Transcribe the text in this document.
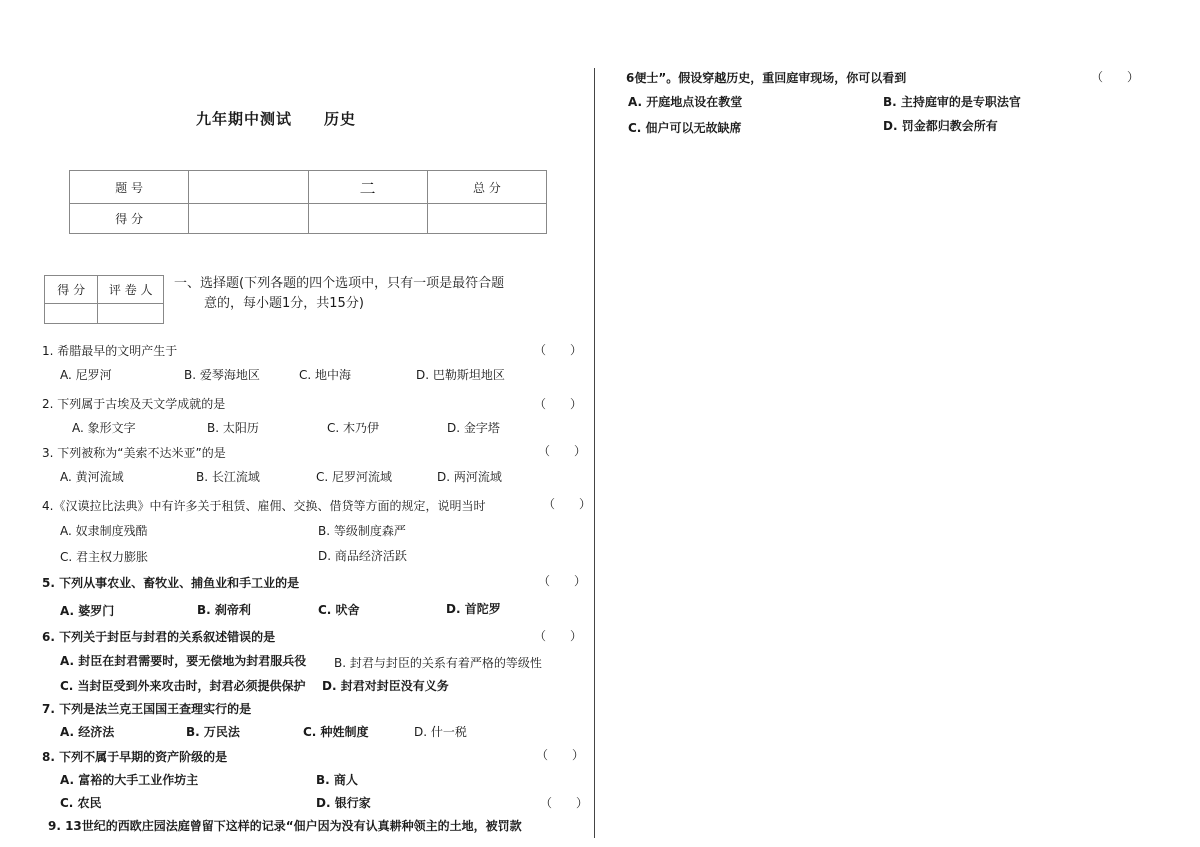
九年期中测试　　历史
题 号		二	总 分
得 分			
得 分	评 卷 人
	一、选择题(下列各题的四个选项中，只有一项是最符合题
意的，每小题1分，共15分)
1. 希腊最早的文明产生于	（　　）
A. 尼罗河	B. 爱琴海地区	C. 地中海	D. 巴勒斯坦地区
2. 下列属于古埃及天文学成就的是	（　　）
A. 象形文字	B. 太阳历	C. 木乃伊	D. 金字塔
3. 下列被称为“美索不达米亚”的是	（　　）
A. 黄河流域	B. 长江流域	C. 尼罗河流域	D. 两河流域
4.《汉谟拉比法典》中有许多关于租赁、雇佣、交换、借贷等方面的规定，说明当时	（　　）
A. 奴隶制度残酷	B. 等级制度森严
C. 君主权力膨胀	D. 商品经济活跃
5. 下列从事农业、畜牧业、捕鱼业和手工业的是	（　　）
A. 婆罗门	B. 刹帝利	C. 吠舍	D. 首陀罗
6. 下列关于封臣与封君的关系叙述错误的是	（　　）
A. 封臣在封君需要时，要无偿地为封君服兵役 B. 封君与封臣的关系有着严格的等级性
C. 当封臣受到外来攻击时，封君必须提供保护 D. 封君对封臣没有义务
7. 下列是法兰克王国国王查理实行的是
A. 经济法	B. 万民法	C. 种姓制度	D. 什一税
8. 下列不属于早期的资产阶级的是	（　　）
A. 富裕的大手工业作坊主	B. 商人
C. 农民	D. 银行家	（　　）
9. 13世纪的西欧庄园法庭曾留下这样的记录“佃户因为没有认真耕种领主的土地，被罚款
6便士”。假设穿越历史，重回庭审现场，你可以看到	（　　）
A. 开庭地点设在教堂	B. 主持庭审的是专职法官
C. 佃户可以无故缺席	D. 罚金都归教会所有
